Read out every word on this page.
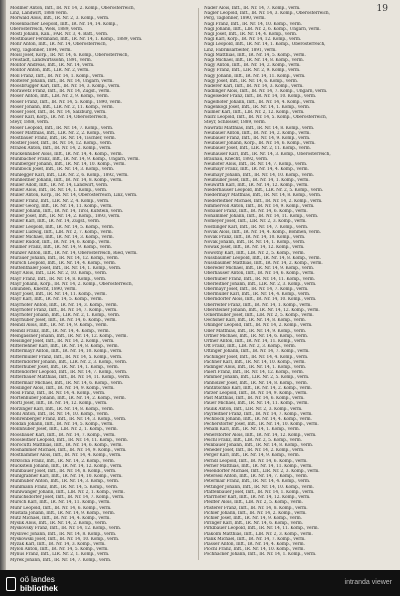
19
Mödlner Anton, Inft., IR. Nr. 14, 2. Komp., Oberösterreich,
Linz, Landwirt, 1888 verm.
Mörwald Alois, Inft., IR. Nr. 2, 3. Komp., verm.
Mösenbacher Leopold, Inft., IR. Nr. 14, 14. Komp.,
Oberösterreich, Wels, 1889, verm.
Möstl Johann, Kan., FAR. Nr. 3, 4. Batt., verm.
Möstlbauer Ferdinand, Inft., IR. Nr. 14, 1. Komp., 1889, verm.
Mohr Anton, Inft., IR. Nr. 14, Oberösterreich,
Perg, Taglöhner, 1894, verm.
Moisl Josef, Korp., IR. Nr. 14, 6. Komp., Oberösterreich,
Freistadt, Landwirtssohn, 1891, verm.
Molitor Andreas, Inft., IR. Nr. 14, verm.
Molitor Anton, Inft., LIR. Nr. 2, verm.
Moll Franz, Inft., IR. Nr. 14, 1. Komp., verm.
Molterer Johann, Inft., IR. Nr. 14, Ungarn, verm.
Moosbrugger Karl, Inft., IR. Nr. 14, 3. Komp., verm.
Morawetz Franz, Inft., IR. Nr. 14, Zugsf., verm.
Moser Anton, Inft., LIR. Nr. 2, 9. Komp., verm.
Moser Franz, Inft., IR. Nr. 14, 5. Komp., 1890, verm.
Moser Johann, Inft., LIR. Nr. 2, 11. Komp., verm.
Moser Josef, Inft., IR. Nr. 14, Salzburg, verm.
Moser Karl, Korp., IR. Nr. 14, Oberösterreich,
Steyr, 1888, verm.
Moser Leopold, Inft., IR. Nr. 14, 7. Komp., verm.
Moser Matthias, Inft., LIR. Nr. 2, 2. Komp., verm.
Mostbauer Franz, Inft., IR. Nr. 14, Tischler, verm.
Mostler Josef, Inft., IR. Nr. 14, 12. Komp., verm.
Mrazek Anton, Inft., IR. Nr. 14, 2. Komp., verm.
Muckenhuber Alois, Inft., IR. Nr. 14, 4. Komp., verm.
Mühlbacher Franz, Inft., IR. Nr. 14, 9. Komp., Ungarn, verm.
Mühlberger Johann, Inft., IR. Nr. 14, 10. Komp., verm.
Mühlböck Josef, Inft., IR. Nr. 14, 3. Komp., verm.
Mühlegger Karl, Inft., LIR. Nr. 2, 6. Komp., 1892, verm.
Mühlleitner Johann, Inft., IR. Nr. 14, 8. Komp., verm.
Müller Adolf, Inft., IR. Nr. 14, Landwirt, verm.
Müller Alois, Inft., IR. Nr. 14, 1. Komp., verm.
Müller Anton, Korp., IR. Nr. 14, Oberösterreich, Linz, verm.
Müller Franz, Inft., LIR. Nr. 2, 4. Komp., verm.
Müller Georg, Inft., IR. Nr. 14, 11. Komp., verm.
Müller Johann, Inft., IR. Nr. 14, Tirol, Kufstein, verm.
Müller Josef, Inft., IR. Nr. 14, 2. Komp., 1893, verm.
Müller Karl, Inft., IR. Nr. 14, Zugsf., verm.
Müller Leopold, Inft., IR. Nr. 14, 5. Komp., verm.
Müller Ludwig, Inft., LIR. Nr. 2, 7. Komp., verm.
Müller Michael, Inft., IR. Nr. 14, 3. Komp., verm.
Müller Rudolf, Inft., IR. Nr. 14, 6. Komp., verm.
Müllner Franz, Inft., IR. Nr. 14, 9. Komp., verm.
Münzer Anton, Inft., IR. Nr. 14, Oberösterreich, Ried, verm.
Murauer Johann, Inft., IR. Nr. 14, 12. Komp., verm.
Mursch Leopold, Inft., IR. Nr. 14, 4. Komp., verm.
Muttenthaler Josef, Inft., IR. Nr. 14, 1. Komp., verm.
Mayr Alois, Inft., LIR. Nr. 2, 10. Komp., verm.
Mayr Franz, Inft., IR. Nr. 14, 8. Komp., verm.
Mayr Johann, Korp., IR. Nr. 14, 2. Komp., Oberösterreich,
Gmunden, Knecht, 1890, verm.
Mayr Josef, Inft., IR. Nr. 14, 11. Komp., verm.
Mayr Karl, Inft., IR. Nr. 14, 5. Komp., verm.
Mayrhofer Anton, Inft., IR. Nr. 14, 3. Komp., verm.
Mayrhofer Franz, Inft., IR. Nr. 14, 7. Komp., verm.
Mayrhofer Johann, Inft., LIR. Nr. 2, 1. Komp., verm.
Mayrhuber Josef, Inft., IR. Nr. 14, 6. Komp., verm.
Meindl Alois, Inft., IR. Nr. 14, 9. Komp., verm.
Meindl Franz, Inft., IR. Nr. 14, 4. Komp., verm.
Meingassner Johann, Inft., IR. Nr. 14, 12. Komp., verm.
Meisinger Josef, Inft., IR. Nr. 14, 2. Komp., verm.
Mitterlehner Karl, Inft., IR. Nr. 14, 8. Komp., verm.
Mittermayr Anton, Inft., IR. Nr. 14, 10. Komp., verm.
Mittermüller Franz, Inft., IR. Nr. 14, 5. Komp., verm.
Mitterndorfer Johann, Inft., LIR. Nr. 2, 3. Komp., verm.
Mitterhuber Josef, Inft., IR. Nr. 14, 1. Komp., verm.
Mittendorfer Leopold, Inft., IR. Nr. 14, 7. Komp., verm.
Mitterbauer Matthias, Inft., IR. Nr. 14, 11. Komp., verm.
Mittermair Michael, Inft., IR. Nr. 14, 6. Komp., verm.
Möslinger Alois, Inft., IR. Nr. 14, 9. Komp., verm.
Mösl Franz, Inft., IR. Nr. 14, 4. Komp., verm.
Mörtenhuber Johann, Inft., IR. Nr. 14, 2. Komp., verm.
Mörtl Josef, Inft., IR. Nr. 14, 12. Komp., verm.
Mörzinger Karl, Inft., IR. Nr. 14, 8. Komp., verm.
Mohl Anton, Inft., IR. Nr. 14, 10. Komp., verm.
Mohrenberger Franz, Inft., IR. Nr. 14, 3. Komp., verm.
Moldan Johann, Inft., IR. Nr. 14, 5. Komp., verm.
Mollnhuber Josef, Inft., LIR. Nr. 2, 1. Komp., verm.
Moosbauer Karl, Inft., IR. Nr. 14, 7. Komp., verm.
Moosleitner Leopold, Inft., IR. Nr. 14, 11. Komp., verm.
Morocutti Matthias, Inft., IR. Nr. 14, 6. Komp., verm.
Moshammer Michael, Inft., IR. Nr. 14, 9. Komp., verm.
Mosthammer Alois, Inft., IR. Nr. 14, 4. Komp., verm.
Mrkvicka Franz, Inft., IR. Nr. 14, 2. Komp., verm.
Mückstein Johann, Inft., IR. Nr. 14, 12. Komp., verm.
Mühlbauer Josef, Inft., IR. Nr. 14, 8. Komp., verm.
Mühlgrabner Karl, Inft., IR. Nr. 14, 10. Komp., verm.
Mühlhuber Anton, Inft., IR. Nr. 14, 3. Komp., verm.
Mühlmann Franz, Inft., IR. Nr. 14, 5. Komp., verm.
Mühlwanger Johann, Inft., LIR. Nr. 2, 1. Komp., verm.
Münichsdorfer Josef, Inft., IR. Nr. 14, 7. Komp., verm.
Mursch Karl, Inft., IR. Nr. 14, 11. Komp., verm.
Muhr Leopold, Inft., IR. Nr. 14, 6. Komp., verm.
Mustafa Johann, Inft., IR. Nr. 14, 9. Komp., verm.
Mutz Michael, Inft., IR. Nr. 14, 4. Komp., verm.
Myslik Alois, Inft., IR. Nr. 14, 2. Komp., verm.
Myskovsky Franz, Inft., IR. Nr. 14, 12. Komp., verm.
Myslivec Johann, Inft., IR. Nr. 14, 8. Komp., verm.
Myskowski Josef, Inft., IR. Nr. 14, 10. Komp., verm.
Myzak Karl, Inft., IR. Nr. 14, 3. Komp., verm.
Mylon Anton, Inft., IR. Nr. 14, 5. Komp., verm.
Mylius Franz, Inft., LIR. Nr. 2, 1. Komp., verm.
Myrek Johann, Inft., IR. Nr. 14, 7. Komp., verm.
Nader Alois, Inft., IR. Nr. 14, 7. Komp., verm.
Nagler Leopold, Inft., IR. Nr. 14, 3. Komp., Oberösterreich,
Perg, Taglöhner, 1890, verm.
Nagl Franz, Inft., IR. Nr. 14, 10. Komp., verm.
Nagl Johann, Inft., LIR. Nr. 2, 6. Komp., Ungarn, verm.
Nagl Josef, Inft., IR. Nr. 14, 4. Komp., verm.
Nagl Karl, Korp., IR. Nr. 14, 12. Komp., verm.
Nagl Leopold, Inft., IR. Nr. 14, 1. Komp., Oberösterreich,
Linz, Fabriksarbeiter, 1891, verm.
Nagl Matthias, Inft., IR. Nr. 14, 5. Komp., verm.
Nagl Michael, Inft., IR. Nr. 14, 8. Komp., verm.
Nagy Anton, Inft., IR. Nr. 14, 2. Komp., verm.
Nagy Franz, Inft., LIR. Nr. 2, 9. Komp., verm.
Nagy Johann, Inft., IR. Nr. 14, 11. Komp., verm.
Nagy Josef, Inft., IR. Nr. 14, 6. Komp., verm.
Naderer Karl, Inft., IR. Nr. 14, 3. Komp., verm.
Nadlinger Alois, Inft., IR. Nr. 14, 7. Komp., Ungarn, verm.
Nagelseder Franz, Inft., IR. Nr. 14, 10. Komp., verm.
Nagelhofer Johann, Inft., IR. Nr. 14, 4. Komp., verm.
Nagenkögl Josef, Inft., IR. Nr. 14, 1. Komp., verm.
Naimer Karl, Inft., LIR. Nr. 2, 12. Komp., verm.
Nairz Leopold, Inft., IR. Nr. 14, 5. Komp., Oberösterreich,
Steyr, Schlosser, 1889, verm.
Nawratil Matthias, Inft., IR. Nr. 14, 8. Komp., verm.
Neubauer Anton, Inft., IR. Nr. 14, 2. Komp., verm.
Neubauer Franz, Inft., IR. Nr. 14, 9. Komp., verm.
Neubauer Johann, Korp., IR. Nr. 14, 6. Komp., verm.
Neubauer Josef, Inft., LIR. Nr. 2, 11. Komp., verm.
Neuhauser Karl, Inft., IR. Nr. 14, 3. Komp., Oberösterreich,
Braunau, Knecht, 1892, verm.
Neuhofer Alois, Inft., IR. Nr. 14, 7. Komp., verm.
Neumayr Franz, Inft., IR. Nr. 14, 4. Komp., verm.
Neumayr Johann, Inft., IR. Nr. 14, 10. Komp., verm.
Neumüller Josef, Inft., IR. Nr. 14, 1. Komp., verm.
Neuwirth Karl, Inft., IR. Nr. 14, 12. Komp., verm.
Niederhauser Leopold, Inft., LIR. Nr. 2, 5. Komp., verm.
Niedermayr Matthias, Inft., IR. Nr. 14, 8. Komp., verm.
Niederleitner Michael, Inft., IR. Nr. 14, 2. Komp., verm.
Nimmervoll Anton, Inft., IR. Nr. 14, 9. Komp., verm.
Nöbauer Franz, Inft., IR. Nr. 14, 6. Komp., verm.
Nöhammer Johann, Inft., IR. Nr. 14, 11. Komp., verm.
Nömeyer Josef, Inft., LIR. Nr. 2, 3. Komp., verm.
Nöstlinger Karl, Inft., IR. Nr. 14, 7. Komp., verm.
Novak Alois, Inft., IR. Nr. 14, 4. Komp., Böhmen, verm.
Novak Franz, Inft., IR. Nr. 14, 10. Komp., verm.
Novak Johann, Inft., IR. Nr. 14, 1. Komp., verm.
Nowak Josef, Inft., IR. Nr. 14, 12. Komp., verm.
Nowotny Karl, Inft., LIR. Nr. 2, 5. Komp., verm.
Nussbaumer Leopold, Inft., IR. Nr. 14, 8. Komp., verm.
Nussbaumer Matthias, Inft., IR. Nr. 14, 2. Komp., verm.
Obereder Michael, Inft., IR. Nr. 14, 9. Komp., verm.
Oberhauser Anton, Inft., IR. Nr. 14, 6. Komp., verm.
Oberhuber Franz, Inft., IR. Nr. 14, 11. Komp., verm.
Oberleitner Johann, Inft., LIR. Nr. 2, 3. Komp., verm.
Obermayr Josef, Inft., IR. Nr. 14, 7. Komp., verm.
Obermüller Karl, Inft., IR. Nr. 14, 4. Komp., verm.
Oberndorfer Alois, Inft., IR. Nr. 14, 10. Komp., verm.
Oberreiter Franz, Inft., IR. Nr. 14, 1. Komp., verm.
Obersteiner Johann, Inft., IR. Nr. 14, 12. Komp., verm.
Ockermüller Josef, Inft., LIR. Nr. 2, 5. Komp., verm.
Oechsner Karl, Inft., IR. Nr. 14, 8. Komp., verm.
Öhlinger Leopold, Inft., IR. Nr. 14, 2. Komp., verm.
Öller Matthias, Inft., IR. Nr. 14, 9. Komp., verm.
Ortner Michael, Inft., IR. Nr. 14, 6. Komp., verm.
Ortner Anton, Inft., IR. Nr. 14, 11. Komp., verm.
Ott Franz, Inft., LIR. Nr. 2, 3. Komp., verm.
Ottinger Johann, Inft., IR. Nr. 14, 7. Komp., verm.
Pachinger Josef, Inft., IR. Nr. 14, 4. Komp., verm.
Pachner Karl, Inft., IR. Nr. 14, 10. Komp., verm.
Padinger Alois, Inft., IR. Nr. 14, 1. Komp., verm.
Paierl Franz, Inft., IR. Nr. 14, 12. Komp., verm.
Pammer Johann, Inft., LIR. Nr. 2, 5. Komp., verm.
Panholzer Josef, Inft., IR. Nr. 14, 8. Komp., verm.
Pantlitschko Karl, Inft., IR. Nr. 14, 2. Komp., verm.
Parzer Leopold, Inft., IR. Nr. 14, 9. Komp., verm.
Past Matthias, Inft., IR. Nr. 14, 6. Komp., verm.
Pauer Michael, Inft., IR. Nr. 14, 11. Komp., verm.
Paulik Anton, Inft., LIR. Nr. 2, 3. Komp., verm.
Payrleitner Franz, Inft., IR. Nr. 14, 7. Komp., verm.
Pechböck Johann, Inft., IR. Nr. 14, 4. Komp., verm.
Pecherstorfer Josef, Inft., IR. Nr. 14, 10. Komp., verm.
Peham Karl, Inft., IR. Nr. 14, 1. Komp., verm.
Peherstorfer Alois, Inft., IR. Nr. 14, 12. Komp., verm.
Peichl Franz, Inft., LIR. Nr. 2, 5. Komp., verm.
Peinbauer Johann, Inft., IR. Nr. 14, 8. Komp., verm.
Peneder Josef, Inft., IR. Nr. 14, 2. Komp., verm.
Perger Karl, Inft., IR. Nr. 14, 9. Komp., verm.
Perndl Leopold, Inft., IR. Nr. 14, 6. Komp., verm.
Perner Matthias, Inft., IR. Nr. 14, 11. Komp., verm.
Pesendorfer Michael, Inft., LIR. Nr. 2, 3. Komp., verm.
Peterseil Anton, Inft., IR. Nr. 14, 7. Komp., verm.
Petermair Franz, Inft., IR. Nr. 14, 4. Komp., verm.
Pettinger Johann, Inft., IR. Nr. 14, 10. Komp., verm.
Pfaffenbauer Josef, Inft., IR. Nr. 14, 1. Komp., verm.
Pfarrhofer Karl, Inft., IR. Nr. 14, 12. Komp., verm.
Pfeiffer Alois, Inft., LIR. Nr. 2, 5. Komp., verm.
Pfisterer Franz, Inft., IR. Nr. 14, 8. Komp., verm.
Pichler Johann, Inft., IR. Nr. 14, 2. Komp., verm.
Pichler Josef, Inft., IR. Nr. 14, 9. Komp., verm.
Piringer Karl, Inft., IR. Nr. 14, 6. Komp., verm.
Pirklbauer Leopold, Inft., IR. Nr. 14, 11. Komp., verm.
Plakolm Matthias, Inft., LIR. Nr. 2, 3. Komp., verm.
Plank Michael, Inft., IR. Nr. 14, 7. Komp., verm.
Plasser Anton, Inft., IR. Nr. 14, 4. Komp., verm.
Plöchl Franz, Inft., IR. Nr. 14, 10. Komp., verm.
Pöchhacker Johann, Inft., IR. Nr. 14, 1. Komp., verm.
oö landes
bibliothek
intranda viewer
